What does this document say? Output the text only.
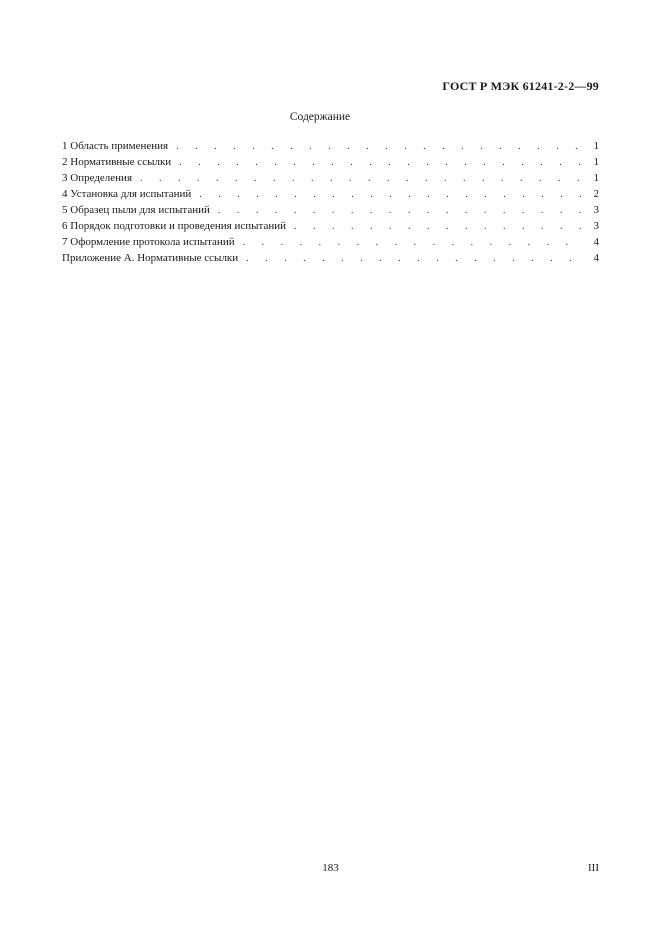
ГОСТ Р МЭК 61241-2-2—99
Содержание
1 Область применения . . .	1
2 Нормативные ссылки . . .	1
3 Определения . . .	1
4 Установка для испытаний . . .	2
5 Образец пыли для испытаний . . .	3
6 Порядок подготовки и проведения испытаний . . .	3
7 Оформление протокола испытаний . . .	4
Приложение А. Нормативные ссылки . . .	4
183	III
